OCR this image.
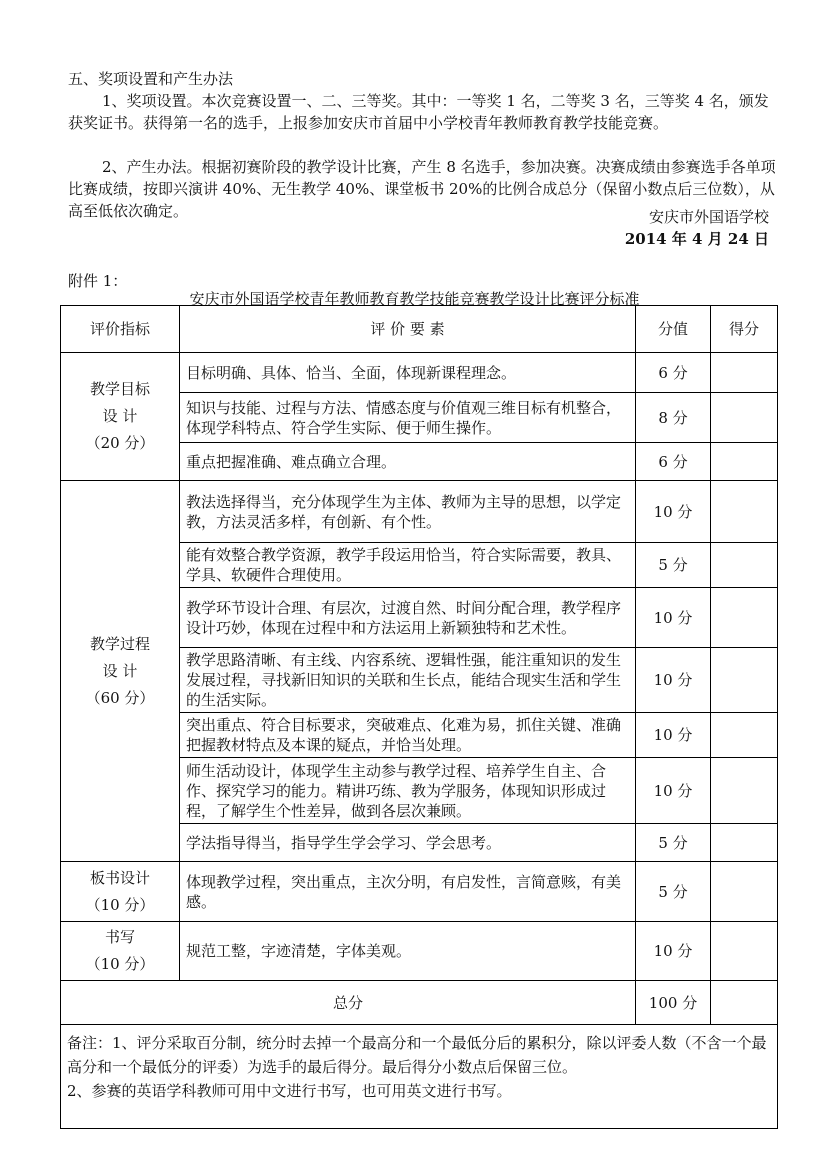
五、奖项设置和产生办法

1、奖项设置。本次竞赛设置一、二、三等奖。其中：一等奖 1 名，二等奖 3 名，三等奖 4 名，颁发获奖证书。获得第一名的选手，上报参加安庆市首届中小学校青年教师教育教学技能竞赛。

2、产生办法。根据初赛阶段的教学设计比赛，产生 8 名选手，参加决赛。决赛成绩由参赛选手各单项比赛成绩，按即兴演讲 40%、无生教学 40%、课堂板书 20%的比例合成总分（保留小数点后三位数），从高至低依次确定。	安庆市外国语学校
2014 年 4 月 24 日
附件 1：
安庆市外国语学校青年教师教育教学技能竞赛教学设计比赛评分标准
评价指标	评 价 要 素	分值	得分
教学目标
设 计
（20 分）	目标明确、具体、恰当、全面，体现新课程理念。	6 分	
	知识与技能、过程与方法、情感态度与价值观三维目标有机整合，体现学科特点、符合学生实际、便于师生操作。	8 分	
	重点把握准确、难点确立合理。	6 分	
教学过程
设 计
（60 分）	教法选择得当，充分体现学生为主体、教师为主导的思想，以学定教，方法灵活多样，有创新、有个性。	10 分	
	能有效整合教学资源，教学手段运用恰当，符合实际需要，教具、学具、软硬件合理使用。	5 分	
	教学环节设计合理、有层次，过渡自然、时间分配合理，教学程序设计巧妙，体现在过程中和方法运用上新颖独特和艺术性。	10 分	
	教学思路清晰、有主线、内容系统、逻辑性强，能注重知识的发生发展过程，寻找新旧知识的关联和生长点，能结合现实生活和学生的生活实际。	10 分	
	突出重点、符合目标要求，突破难点、化难为易，抓住关键、准确把握教材特点及本课的疑点，并恰当处理。	10 分	
	师生活动设计，体现学生主动参与教学过程、培养学生自主、合作、探究学习的能力。精讲巧练、教为学服务，体现知识形成过程，了解学生个性差异，做到各层次兼顾。	10 分	
	学法指导得当，指导学生学会学习、学会思考。	5 分	
板书设计
（10 分）	体现教学过程，突出重点，主次分明，有启发性，言简意赅，有美感。	5 分	
书写
（10 分）	规范工整，字迹清楚，字体美观。	10 分	
总分		100 分	

备注：1、评分采取百分制，统分时去掉一个最高分和一个最低分后的累积分，除以评委人数（不含一个最高分和一个最低分的评委）为选手的最后得分。最后得分小数点后保留三位。
2、参赛的英语学科教师可用中文进行书写，也可用英文进行书写。			
